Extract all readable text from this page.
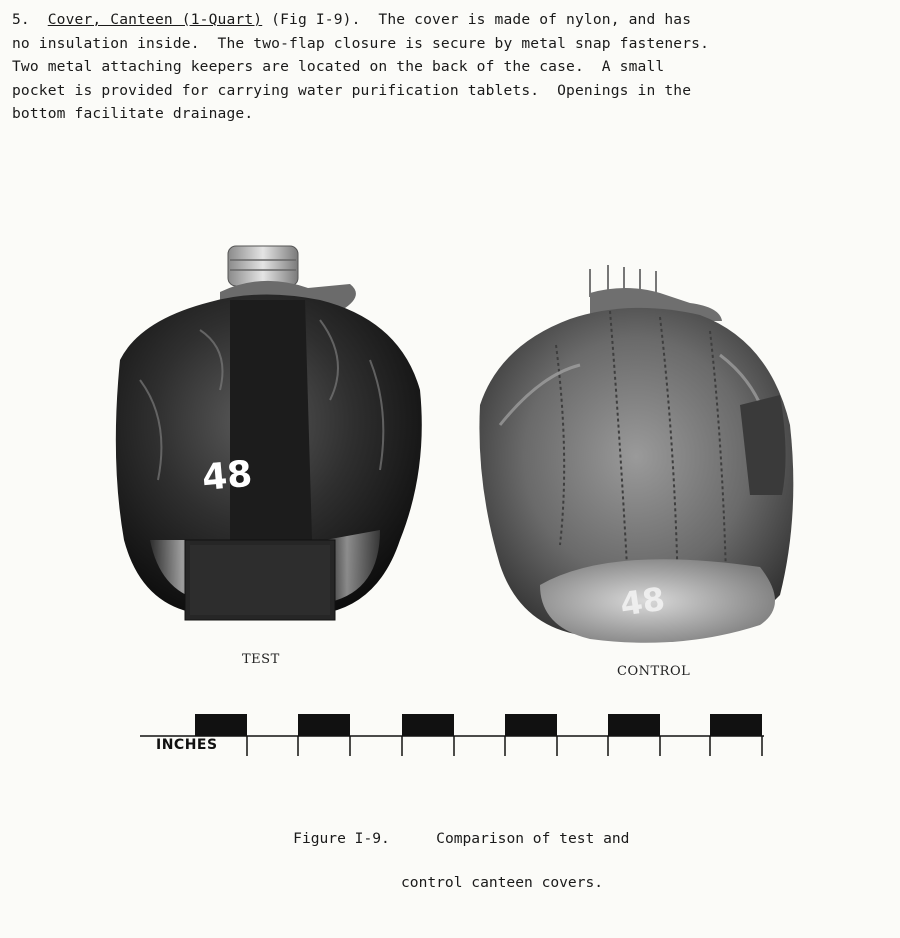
5. Cover, Canteen (1-Quart) (Fig I-9).  The cover is made of nylon, and has
no insulation inside.  The two-flap closure is secure by metal snap fasteners.
Two metal attaching keepers are located on the back of the case.  A small
pocket is provided for carrying water purification tablets.  Openings in the
bottom facilitate drainage.
48
TEST
48
CONTROL
INCHES

Figure I-9.	Comparison of test and

control canteen covers.
